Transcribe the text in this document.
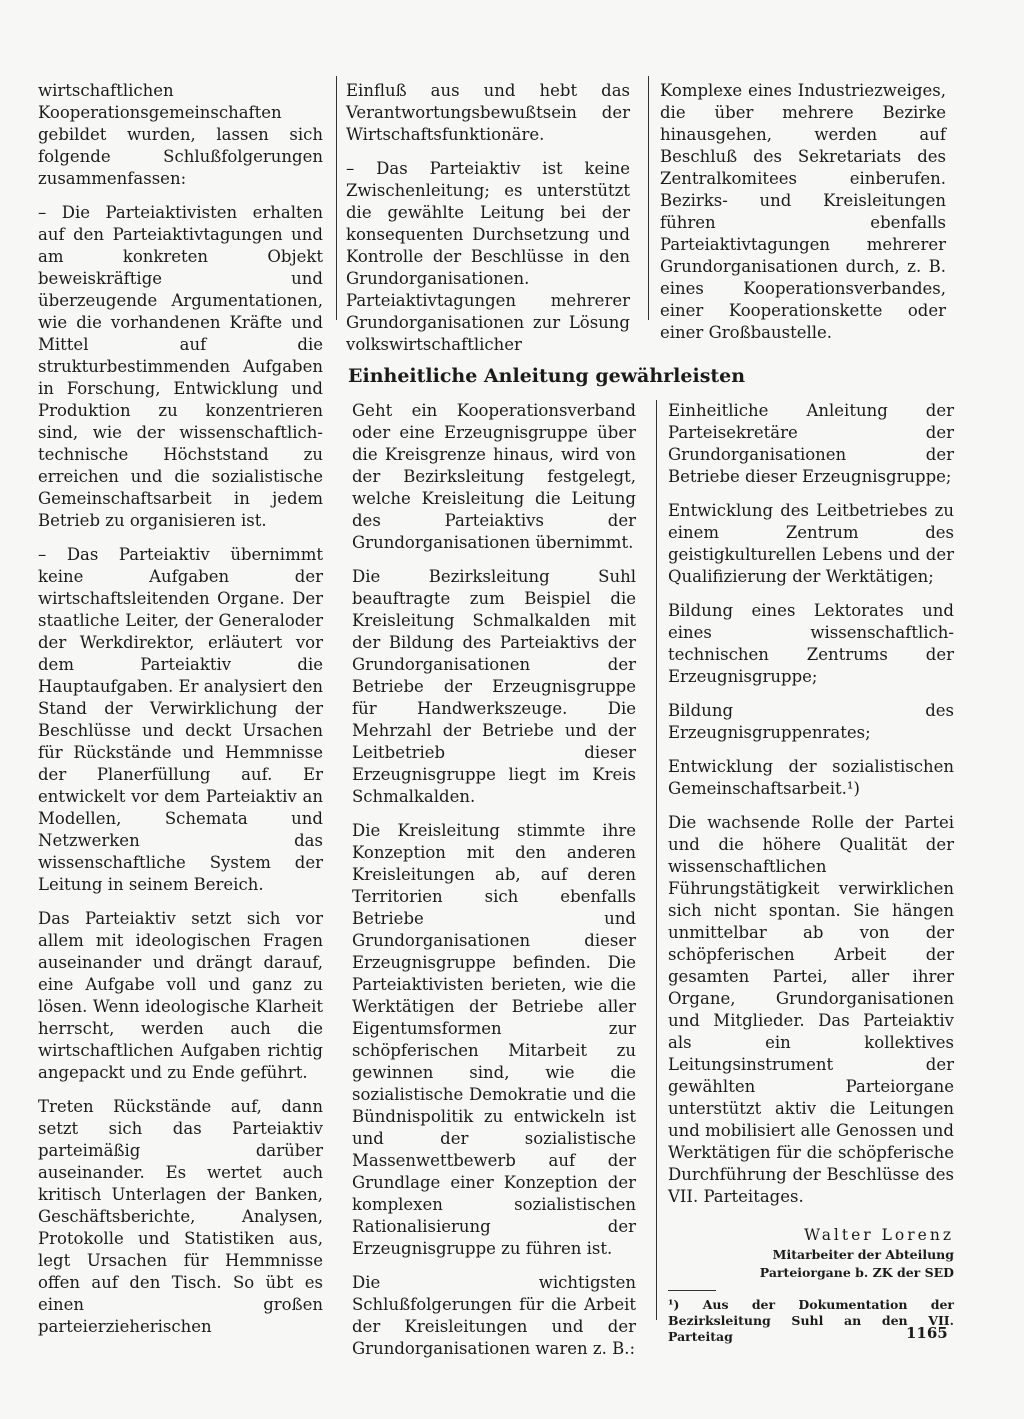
wirtschaftlichen Kooperationsgemeinschaften gebildet wurden, lassen sich folgende Schlußfolgerungen zusammenfassen:

– Die Parteiaktivisten erhalten auf den Parteiaktivtagungen und am konkreten Objekt beweiskräftige und überzeugende Argumentationen, wie die vorhandenen Kräfte und Mittel auf die strukturbestimmenden Aufgaben in Forschung, Entwicklung und Produktion zu konzentrieren sind, wie der wissenschaftlich-technische Höchststand zu erreichen und die sozialistische Gemeinschaftsarbeit in jedem Betrieb zu organisieren ist.

– Das Parteiaktiv übernimmt keine Aufgaben der wirtschaftsleitenden Organe. Der staatliche Leiter, der Generaloder der Werkdirektor, erläutert vor dem Parteiaktiv die Hauptaufgaben. Er analysiert den Stand der Verwirklichung der Beschlüsse und deckt Ursachen für Rückstände und Hemmnisse der Planerfüllung auf. Er entwickelt vor dem Parteiaktiv an Modellen, Schemata und Netzwerken das wissenschaftliche System der Leitung in seinem Bereich.

Das Parteiaktiv setzt sich vor allem mit ideologischen Fragen auseinander und drängt darauf, eine Aufgabe voll und ganz zu lösen. Wenn ideologische Klarheit herrscht, werden auch die wirtschaftlichen Aufgaben richtig angepackt und zu Ende geführt.

Treten Rückstände auf, dann setzt sich das Parteiaktiv parteimäßig darüber auseinander. Es wertet auch kritisch Unterlagen der Banken, Geschäftsberichte, Analysen, Protokolle und Statistiken aus, legt Ursachen für Hemmnisse offen auf den Tisch. So übt es einen großen parteierzieherischen

Einfluß aus und hebt das Verantwortungsbewußtsein der Wirtschaftsfunktionäre.

– Das Parteiaktiv ist keine Zwischenleitung; es unterstützt die gewählte Leitung bei der konsequenten Durchsetzung und Kontrolle der Beschlüsse in den Grundorganisationen. Parteiaktivtagungen mehrerer Grundorganisationen zur Lösung volkswirtschaftlicher

Komplexe eines Industriezweiges, die über mehrere Bezirke hinausgehen, werden auf Beschluß des Sekretariats des Zentralkomitees einberufen. Bezirks- und Kreisleitungen führen ebenfalls Parteiaktivtagungen mehrerer Grundorganisationen durch, z. B. eines Kooperationsverbandes, einer Kooperationskette oder einer Großbaustelle.

Einheitliche Anleitung gewährleisten

Geht ein Kooperationsverband oder eine Erzeugnisgruppe über die Kreisgrenze hinaus, wird von der Bezirksleitung festgelegt, welche Kreisleitung die Leitung des Parteiaktivs der Grundorganisationen übernimmt.

Die Bezirksleitung Suhl beauftragte zum Beispiel die Kreisleitung Schmalkalden mit der Bildung des Parteiaktivs der Grundorganisationen der Betriebe der Erzeugnisgruppe für Handwerkszeuge. Die Mehrzahl der Betriebe und der Leitbetrieb dieser Erzeugnisgruppe liegt im Kreis Schmalkalden.

Die Kreisleitung stimmte ihre Konzeption mit den anderen Kreisleitungen ab, auf deren Territorien sich ebenfalls Betriebe und Grundorganisationen dieser Erzeugnisgruppe befinden. Die Parteiaktivisten berieten, wie die Werktätigen der Betriebe aller Eigentumsformen zur schöpferischen Mitarbeit zu gewinnen sind, wie die sozialistische Demokratie und die Bündnispolitik zu entwickeln ist und der sozialistische Massenwettbewerb auf der Grundlage einer Konzeption der komplexen sozialistischen Rationalisierung der Erzeugnisgruppe zu führen ist.

Die wichtigsten Schlußfolgerungen für die Arbeit der Kreisleitungen und der Grundorganisationen waren z. B.:

Einheitliche Anleitung der Parteisekretäre der Grundorganisationen der Betriebe dieser Erzeugnisgruppe;

Entwicklung des Leitbetriebes zu einem Zentrum des geistigkulturellen Lebens und der Qualifizierung der Werktätigen;

Bildung eines Lektorates und eines wissenschaftlich-technischen Zentrums der Erzeugnisgruppe;

Bildung des Erzeugnisgruppenrates;

Entwicklung der sozialistischen Gemeinschaftsarbeit.¹)

Die wachsende Rolle der Partei und die höhere Qualität der wissenschaftlichen Führungstätigkeit verwirklichen sich nicht spontan. Sie hängen unmittelbar ab von der schöpferischen Arbeit der gesamten Partei, aller ihrer Organe, Grundorganisationen und Mitglieder. Das Parteiaktiv als ein kollektives Leitungsinstrument der gewählten Parteiorgane unterstützt aktiv die Leitungen und mobilisiert alle Genossen und Werktätigen für die schöpferische Durchführung der Beschlüsse des VII. Parteitages.

Walter Lorenz
Mitarbeiter der Abteilung
Parteiorgane b. ZK der SED
¹) Aus der Dokumentation der Bezirksleitung Suhl an den VII. Parteitag	1165
